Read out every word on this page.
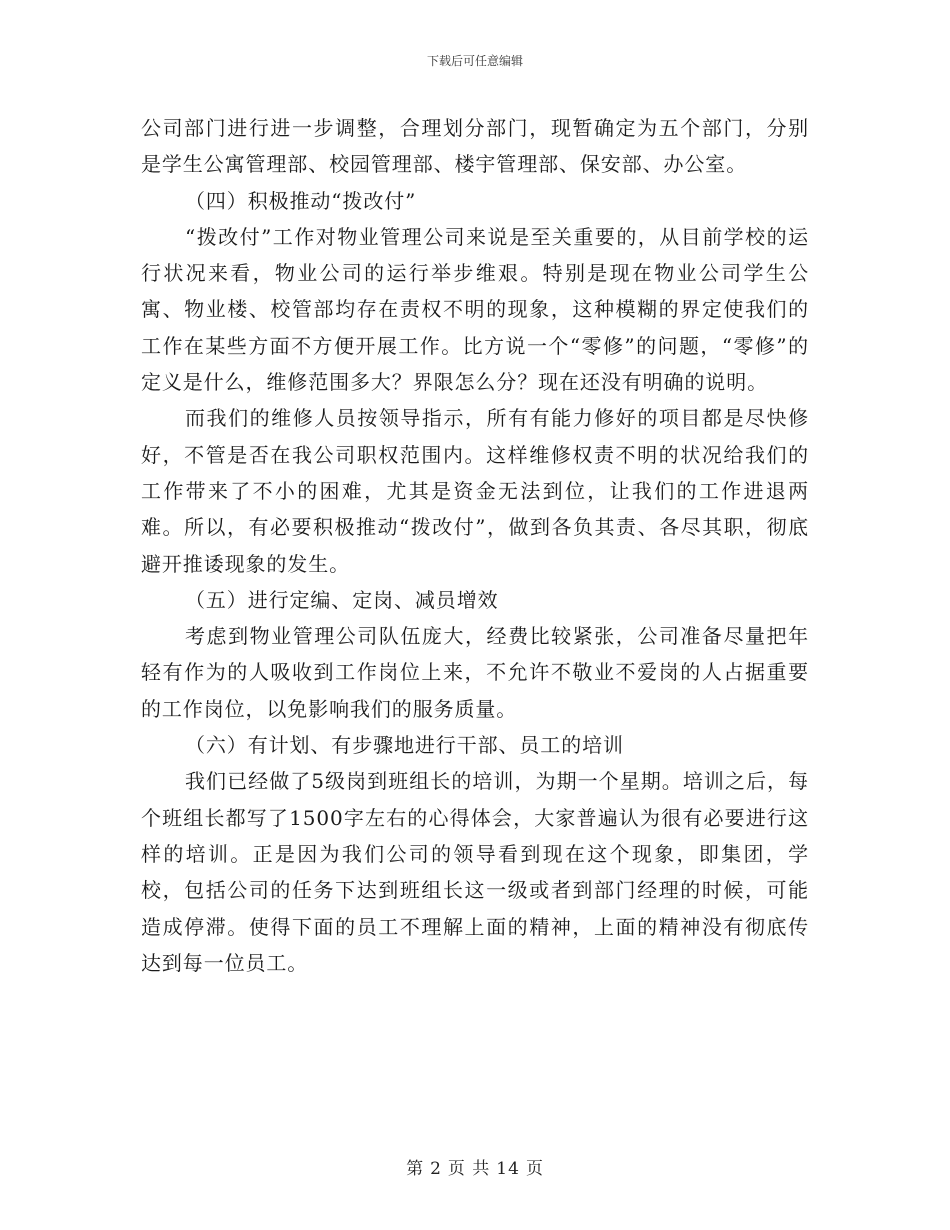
下载后可任意编辑

公司部门进行进一步调整，合理划分部门，现暂确定为五个部门，分别是学生公寓管理部、校园管理部、楼宇管理部、保安部、办公室。

（四）积极推动“拨改付”

“拨改付”工作对物业管理公司来说是至关重要的，从目前学校的运行状况来看，物业公司的运行举步维艰。特别是现在物业公司学生公寓、物业楼、校管部均存在责权不明的现象，这种模糊的界定使我们的工作在某些方面不方便开展工作。比方说一个“零修”的问题，“零修”的定义是什么，维修范围多大？界限怎么分？现在还没有明确的说明。

而我们的维修人员按领导指示，所有有能力修好的项目都是尽快修好，不管是否在我公司职权范围内。这样维修权责不明的状况给我们的工作带来了不小的困难，尤其是资金无法到位，让我们的工作进退两难。所以，有必要积极推动“拨改付”，做到各负其责、各尽其职，彻底避开推诿现象的发生。

（五）进行定编、定岗、减员增效

考虑到物业管理公司队伍庞大，经费比较紧张，公司准备尽量把年轻有作为的人吸收到工作岗位上来，不允许不敬业不爱岗的人占据重要的工作岗位，以免影响我们的服务质量。

（六）有计划、有步骤地进行干部、员工的培训

我们已经做了5级岗到班组长的培训，为期一个星期。培训之后，每个班组长都写了1500字左右的心得体会，大家普遍认为很有必要进行这样的培训。正是因为我们公司的领导看到现在这个现象，即集团，学校，包括公司的任务下达到班组长这一级或者到部门经理的时候，可能造成停滞。使得下面的员工不理解上面的精神，上面的精神没有彻底传达到每一位员工。

第 2 页 共 14 页
